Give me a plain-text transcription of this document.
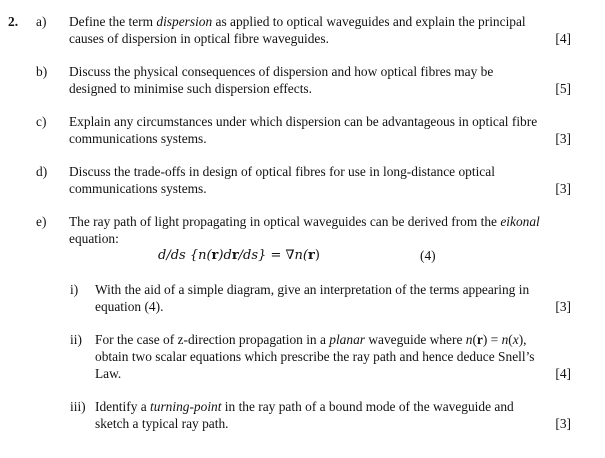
2. a) Define the term dispersion as applied to optical waveguides and explain the principal
causes of dispersion in optical fibre waveguides.	[4]
b) Discuss the physical consequences of dispersion and how optical fibres may be
designed to minimise such dispersion effects.	[5]
c) Explain any circumstances under which dispersion can be advantageous in optical fibre
communications systems.	[3]
d) Discuss the trade-offs in design of optical fibres for use in long-distance optical
communications systems.	[3]
e) The ray path of light propagating in optical waveguides can be derived from the eikonal
equation:
d/ds {n(r)dr/ds} = ∇n(r)	(4)
i) With the aid of a simple diagram, give an interpretation of the terms appearing in
equation (4).	[3]
ii) For the case of z-direction propagation in a planar waveguide where n(r) = n(x),
obtain two scalar equations which prescribe the ray path and hence deduce Snell’s
Law.	[4]
iii) Identify a turning-point in the ray path of a bound mode of the waveguide and
sketch a typical ray path.	[3]
